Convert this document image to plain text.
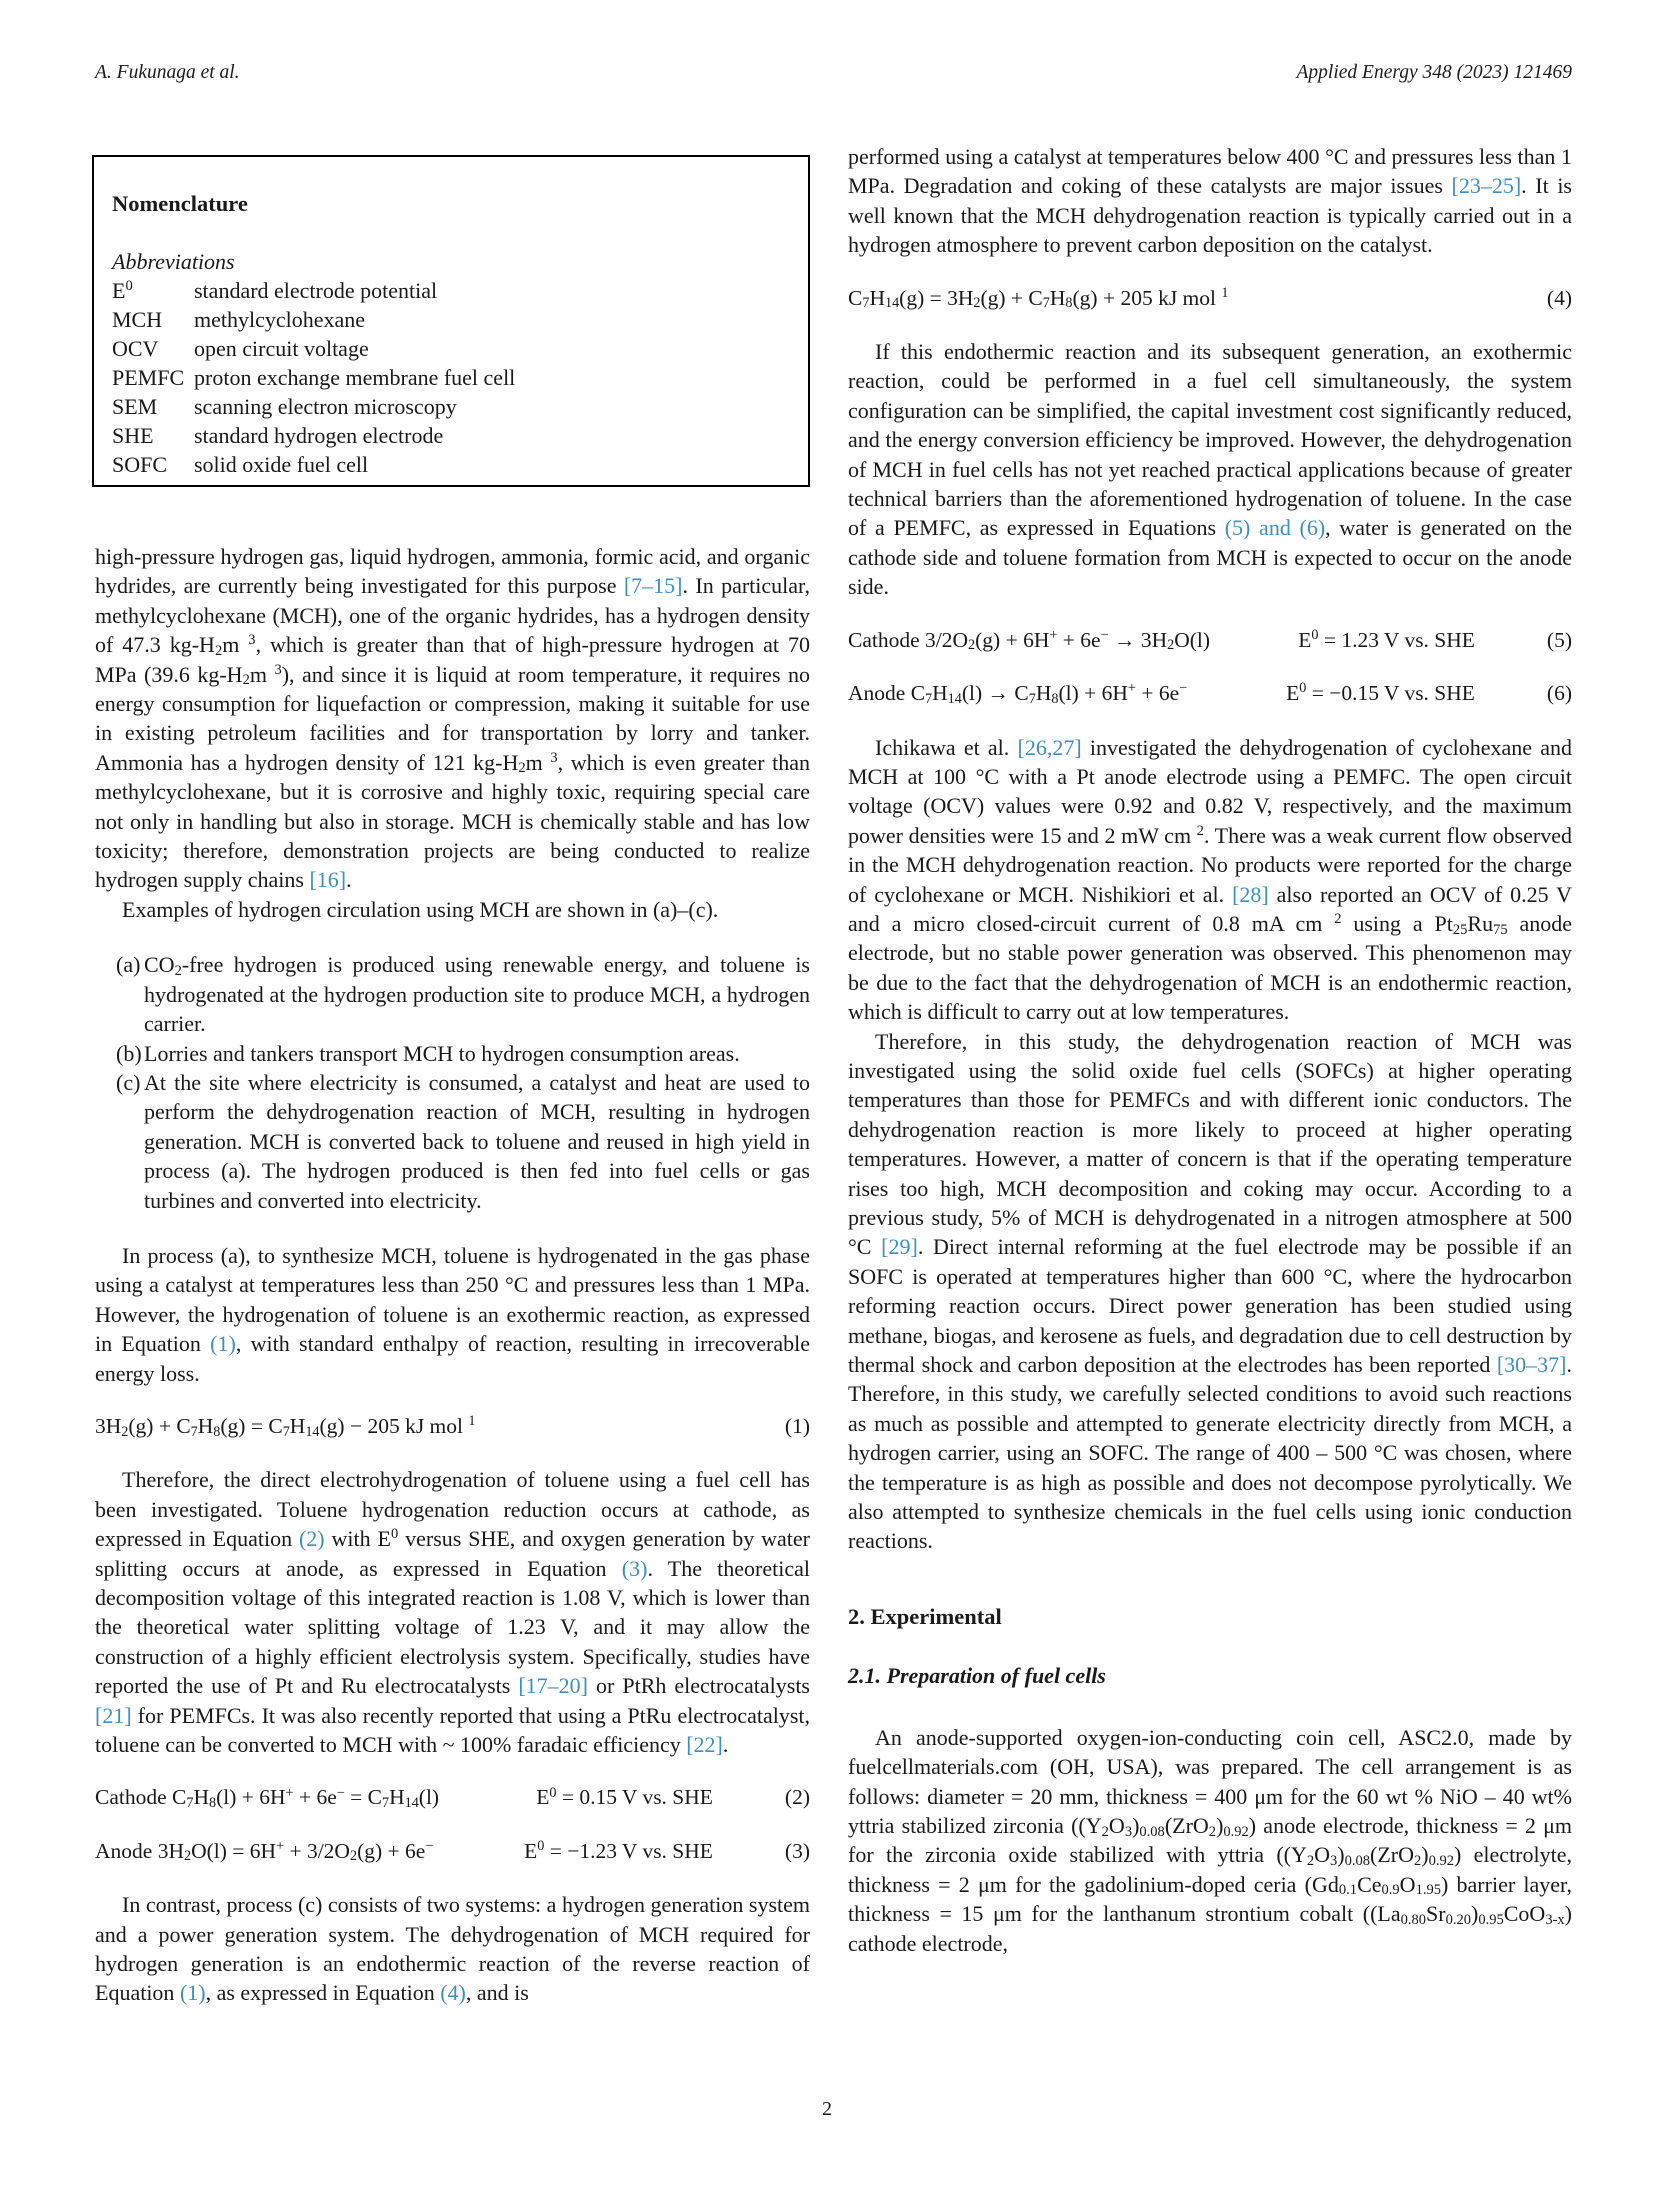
A. Fukunaga et al.	Applied Energy 348 (2023) 121469
Nomenclature
Abbreviations
$E^0$	standard electrode potential
MCH	methylcyclohexane
OCV	open circuit voltage
PEMFC proton exchange membrane fuel cell
SEM	scanning electron microscopy
SHE	standard hydrogen electrode
SOFC	solid oxide fuel cell

high-pressure hydrogen gas, liquid hydrogen, ammonia, formic acid, and organic hydrides, are currently being investigated for this purpose [7–15]. In particular, methylcyclohexane (MCH), one of the organic hydrides, has a hydrogen density of 47.3 $kg-H_2m$ $^3$, which is greater than that of high-pressure hydrogen at 70 MPa (39.6 $kg-H_2m$ $^3$), and since it is liquid at room temperature, it requires no energy consumption for liquefaction or compression, making it suitable for use in existing petroleum facilities and for transportation by lorry and tanker. Ammonia has a hydrogen density of 121 $kg-H_2m$ $^3$, which is even greater than methylcyclohexane, but it is corrosive and highly toxic, requiring special care not only in handling but also in storage. MCH is chemically stable and has low toxicity; therefore, demonstration projects are being conducted to realize hydrogen supply chains [16].

Examples of hydrogen circulation using MCH are shown in (a)–(c).

(a) $CO_2$-free hydrogen is produced using renewable energy, and toluene is hydrogenated at the hydrogen production site to produce MCH, a hydrogen carrier.
(b) Lorries and tankers transport MCH to hydrogen consumption areas.
(c) At the site where electricity is consumed, a catalyst and heat are used to perform the dehydrogenation reaction of MCH, resulting in hydrogen generation. MCH is converted back to toluene and reused in high yield in process (a). The hydrogen produced is then fed into fuel cells or gas turbines and converted into electricity.

In process (a), to synthesize MCH, toluene is hydrogenated in the gas phase using a catalyst at temperatures less than 250 °C and pressures less than 1 MPa. However, the hydrogenation of toluene is an exothermic reaction, as expressed in Equation (1), with standard enthalpy of reaction, resulting in irrecoverable energy loss.

$3H_2(g) + C_7H_8(g) = C_7H_{14}(g) - 205$ kJ mol $^1$	(1)

Therefore, the direct electrohydrogenation of toluene using a fuel cell has been investigated. Toluene hydrogenation reduction occurs at cathode, as expressed in Equation (2) with $E^0$ versus SHE, and oxygen generation by water splitting occurs at anode, as expressed in Equation (3). The theoretical decomposition voltage of this integrated reaction is 1.08 V, which is lower than the theoretical water splitting voltage of 1.23 V, and it may allow the construction of a highly efficient electrolysis system. Specifically, studies have reported the use of Pt and Ru electrocatalysts [17–20] or PtRh electrocatalysts [21] for PEMFCs. It was also recently reported that using a PtRu electrocatalyst, toluene can be converted to MCH with ~ 100% faradaic efficiency [22].

Cathode $C_7H_8(l) + 6H^+ + 6e^- = C_7H_{14}(l)$	$E^0 = 0.15$ V vs. SHE	(2)
Anode $3H_2O(l) = 6H^+ + 3/2O_2(g) + 6e^-$	$E^0 = -1.23$ V vs. SHE	(3)

In contrast, process (c) consists of two systems: a hydrogen generation system and a power generation system. The dehydrogenation of MCH required for hydrogen generation is an endothermic reaction of the reverse reaction of Equation (1), as expressed in Equation (4), and is

performed using a catalyst at temperatures below 400 °C and pressures less than 1 MPa. Degradation and coking of these catalysts are major issues [23–25]. It is well known that the MCH dehydrogenation reaction is typically carried out in a hydrogen atmosphere to prevent carbon deposition on the catalyst.

$C_7H_{14}(g) = 3H_2(g) + C_7H_8(g) + 205$ kJ mol $^1$	(4)

If this endothermic reaction and its subsequent generation, an exothermic reaction, could be performed in a fuel cell simultaneously, the system configuration can be simplified, the capital investment cost significantly reduced, and the energy conversion efficiency be improved. However, the dehydrogenation of MCH in fuel cells has not yet reached practical applications because of greater technical barriers than the aforementioned hydrogenation of toluene. In the case of a PEMFC, as expressed in Equations (5) and (6), water is generated on the cathode side and toluene formation from MCH is expected to occur on the anode side.

Cathode $3/2O_2(g) + 6H^+ + 6e^- \to 3H_2O(l)$	$E^0 = 1.23$ V vs. SHE	(5)
Anode $C_7H_{14}(l) \to C_7H_8(l) + 6H^+ + 6e^-$	$E^0 = -0.15$ V vs. SHE	(6)

Ichikawa et al. [26,27] investigated the dehydrogenation of cyclohexane and MCH at 100 °C with a Pt anode electrode using a PEMFC. The open circuit voltage (OCV) values were 0.92 and 0.82 V, respectively, and the maximum power densities were 15 and 2 mW cm $^2$. There was a weak current flow observed in the MCH dehydrogenation reaction. No products were reported for the charge of cyclohexane or MCH. Nishikiori et al. [28] also reported an OCV of 0.25 V and a micro closed-circuit current of 0.8 mA cm $^2$ using a $Pt_{25}Ru_{75}$ anode electrode, but no stable power generation was observed. This phenomenon may be due to the fact that the dehydrogenation of MCH is an endothermic reaction, which is difficult to carry out at low temperatures.

Therefore, in this study, the dehydrogenation reaction of MCH was investigated using the solid oxide fuel cells (SOFCs) at higher operating temperatures than those for PEMFCs and with different ionic conductors. The dehydrogenation reaction is more likely to proceed at higher operating temperatures. However, a matter of concern is that if the operating temperature rises too high, MCH decomposition and coking may occur. According to a previous study, 5% of MCH is dehydrogenated in a nitrogen atmosphere at 500 °C [29]. Direct internal reforming at the fuel electrode may be possible if an SOFC is operated at temperatures higher than 600 °C, where the hydrocarbon reforming reaction occurs. Direct power generation has been studied using methane, biogas, and kerosene as fuels, and degradation due to cell destruction by thermal shock and carbon deposition at the electrodes has been reported [30–37]. Therefore, in this study, we carefully selected conditions to avoid such reactions as much as possible and attempted to generate electricity directly from MCH, a hydrogen carrier, using an SOFC. The range of 400 – 500 °C was chosen, where the temperature is as high as possible and does not decompose pyrolytically. We also attempted to synthesize chemicals in the fuel cells using ionic conduction reactions.

2. Experimental
2.1. Preparation of fuel cells

An anode-supported oxygen-ion-conducting coin cell, ASC2.0, made by fuelcellmaterials.com (OH, USA), was prepared. The cell arrangement is as follows: diameter = 20 mm, thickness = 400 μm for the 60 wt % NiO – 40 wt% yttria stabilized zirconia $((Y_2O_3)_{0.08}(ZrO_2)_{0.92})$ anode electrode, thickness = 2 μm for the zirconia oxide stabilized with yttria $((Y_2O_3)_{0.08}(ZrO_2)_{0.92})$ electrolyte, thickness = 2 μm for the gadolinium-doped ceria $(Gd_{0.1}Ce_{0.9}O_{1.95})$ barrier layer, thickness = 15 μm for the lanthanum strontium cobalt $((La_{0.80}Sr_{0.20})_{0.95}CoO_{3-x})$ cathode electrode,

2
